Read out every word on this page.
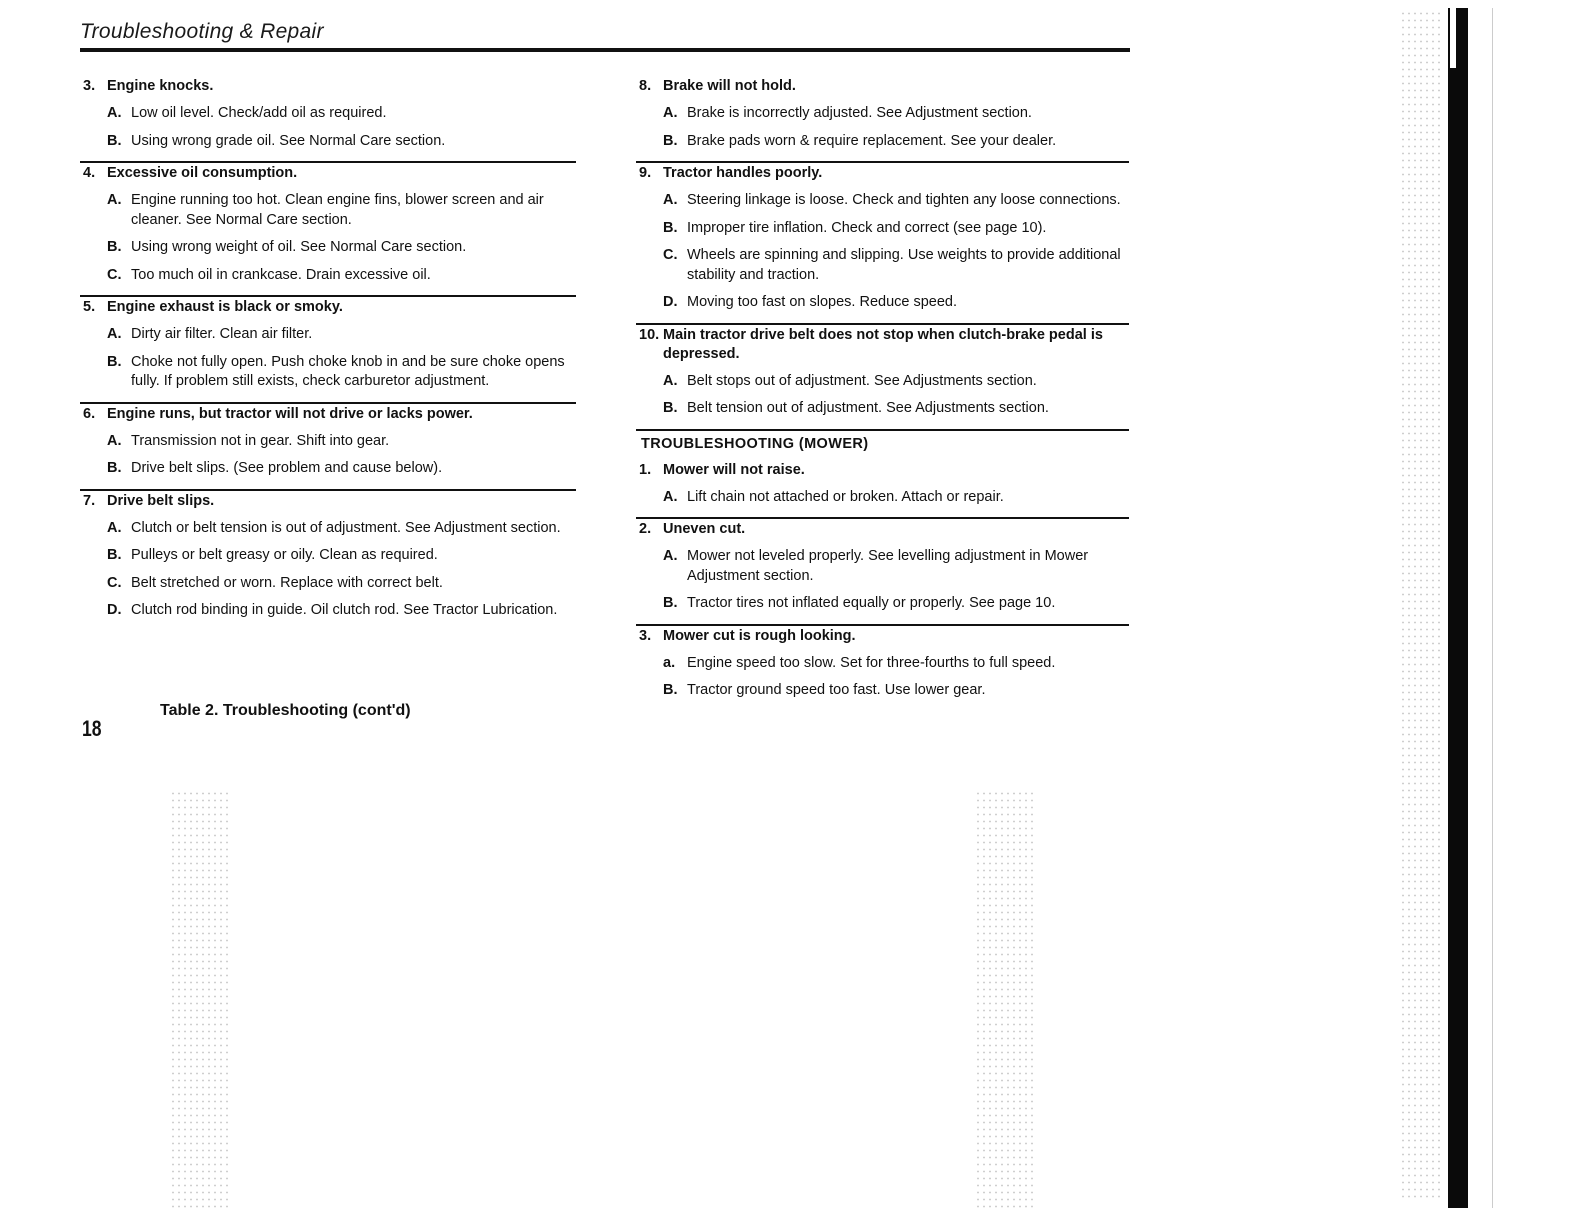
Troubleshooting & Repair
3. Engine knocks.
A. Low oil level. Check/add oil as required.
B. Using wrong grade oil. See Normal Care section.
4. Excessive oil consumption.
A. Engine running too hot. Clean engine fins, blower screen and air cleaner. See Normal Care section.
B. Using wrong weight of oil. See Normal Care section.
C. Too much oil in crankcase. Drain excessive oil.
5. Engine exhaust is black or smoky.
A. Dirty air filter. Clean air filter.
B. Choke not fully open. Push choke knob in and be sure choke opens fully. If problem still exists, check carburetor adjustment.
6. Engine runs, but tractor will not drive or lacks power.
A. Transmission not in gear. Shift into gear.
B. Drive belt slips. (See problem and cause below).
7. Drive belt slips.
A. Clutch or belt tension is out of adjustment. See Adjustment section.
B. Pulleys or belt greasy or oily. Clean as required.
C. Belt stretched or worn. Replace with correct belt.
D. Clutch rod binding in guide. Oil clutch rod. See Tractor Lubrication.
8. Brake will not hold.
A. Brake is incorrectly adjusted. See Adjustment section.
B. Brake pads worn & require replacement. See your dealer.
9. Tractor handles poorly.
A. Steering linkage is loose. Check and tighten any loose connections.
B. Improper tire inflation. Check and correct (see page 10).
C. Wheels are spinning and slipping. Use weights to provide additional stability and traction.
D. Moving too fast on slopes. Reduce speed.
10. Main tractor drive belt does not stop when clutch-brake pedal is depressed.
A. Belt stops out of adjustment. See Adjustments section.
B. Belt tension out of adjustment. See Adjustments section.
TROUBLESHOOTING (MOWER)
1. Mower will not raise.
A. Lift chain not attached or broken. Attach or repair.
2. Uneven cut.
A. Mower not leveled properly. See levelling adjustment in Mower Adjustment section.
B. Tractor tires not inflated equally or properly. See page 10.
3. Mower cut is rough looking.
a. Engine speed too slow. Set for three-fourths to full speed.
B. Tractor ground speed too fast. Use lower gear.
Table 2. Troubleshooting (cont'd)
18
